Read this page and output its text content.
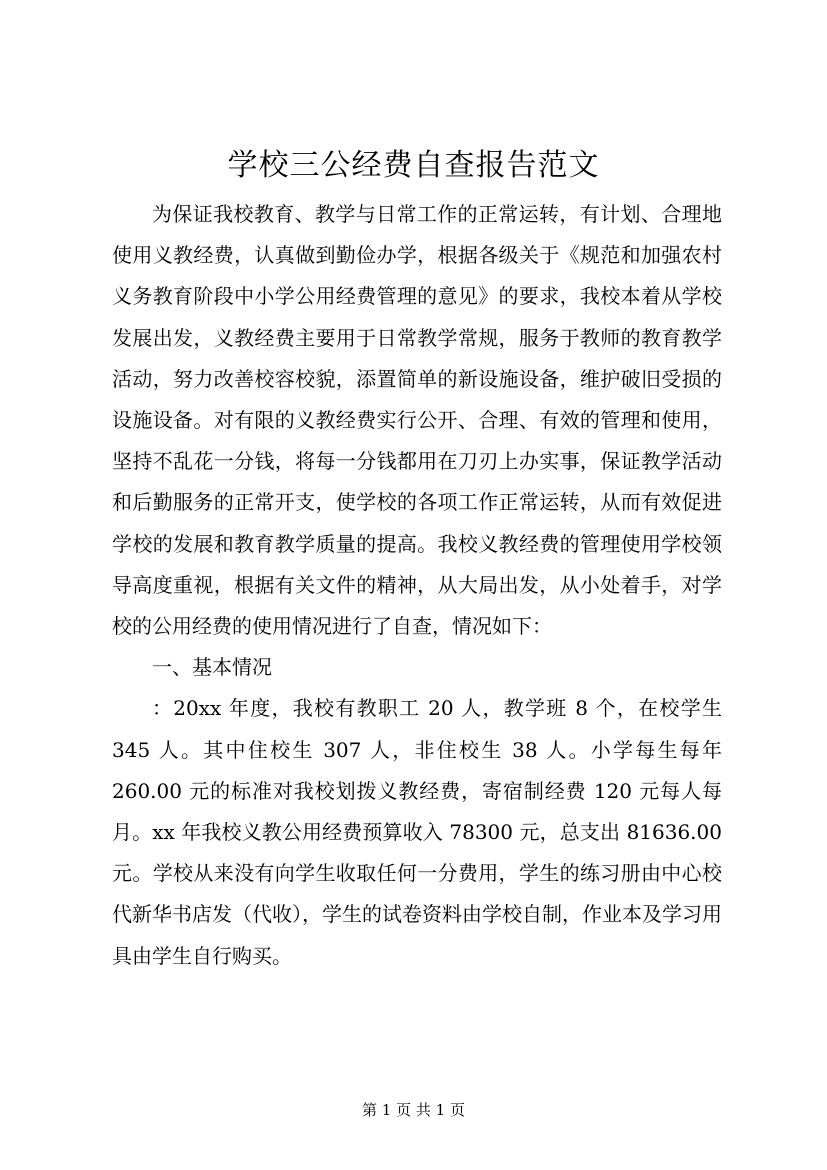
学校三公经费自查报告范文

为保证我校教育、教学与日常工作的正常运转，有计划、合理地使用义教经费，认真做到勤俭办学，根据各级关于《规范和加强农村义务教育阶段中小学公用经费管理的意见》的要求，我校本着从学校发展出发，义教经费主要用于日常教学常规，服务于教师的教育教学活动，努力改善校容校貌，添置简单的新设施设备，维护破旧受损的设施设备。对有限的义教经费实行公开、合理、有效的管理和使用，坚持不乱花一分钱，将每一分钱都用在刀刃上办实事，保证教学活动和后勤服务的正常开支，使学校的各项工作正常运转，从而有效促进学校的发展和教育教学质量的提高。我校义教经费的管理使用学校领导高度重视，根据有关文件的精神，从大局出发，从小处着手，对学校的公用经费的使用情况进行了自查，情况如下：

一、基本情况

：20xx 年度，我校有教职工 20 人，教学班 8 个，在校学生 345 人。其中住校生 307 人，非住校生 38 人。小学每生每年 260.00 元的标准对我校划拨义教经费，寄宿制经费 120 元每人每月。xx 年我校义教公用经费预算收入 78300 元，总支出 81636.00 元。学校从来没有向学生收取任何一分费用，学生的练习册由中心校代新华书店发（代收），学生的试卷资料由学校自制，作业本及学习用具由学生自行购买。

第 1 页 共 1 页
